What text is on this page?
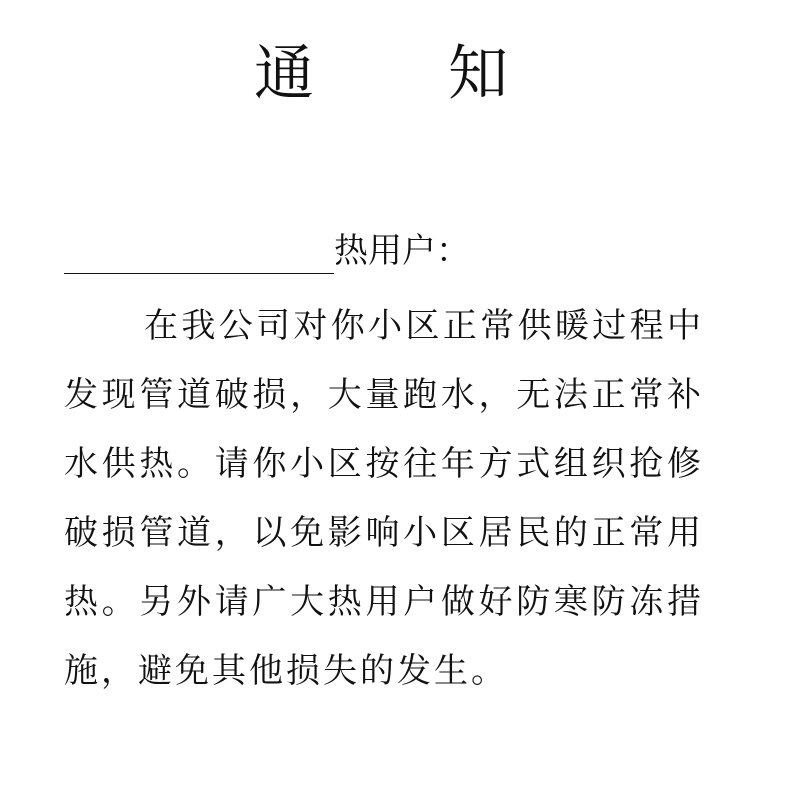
通 知
热用户：

在我公司对你小区正常供暖过程中发现管道破损，大量跑水，无法正常补水供热。请你小区按往年方式组织抢修破损管道，以免影响小区居民的正常用热。另外请广大热用户做好防寒防冻措施，避免其他损失的发生。
